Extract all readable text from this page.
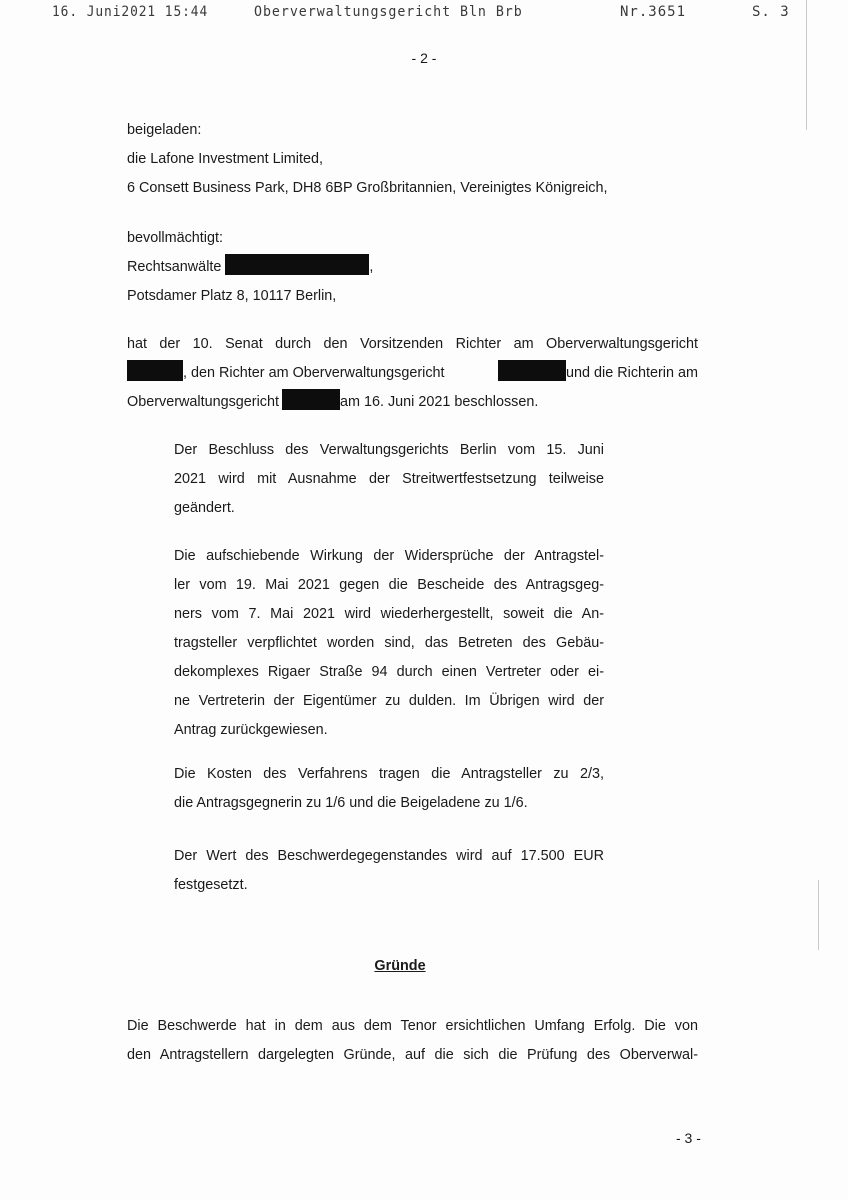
16. Juni2021 15:44	Oberverwaltungsgericht Bln Brb	Nr.3651	S. 3
- 2 -
beigeladen:
die Lafone Investment Limited,
6 Consett Business Park, DH8 6BP Großbritannien, Vereinigtes Königreich,
bevollmächtigt:
Rechtsanwälte	,
Potsdamer Platz 8, 10117 Berlin,
hat der 10. Senat durch den Vorsitzenden Richter am Oberverwaltungsgericht
, den Richter am Oberverwaltungsgericht	und die Richterin am
Oberverwaltungsgericht	am 16. Juni 2021 beschlossen.
Der Beschluss des Verwaltungsgerichts Berlin vom 15. Juni
2021 wird mit Ausnahme der Streitwertfestsetzung teilweise
geändert.
Die aufschiebende Wirkung der Widersprüche der Antragstel-
ler vom 19. Mai 2021 gegen die Bescheide des Antragsgeg-
ners vom 7. Mai 2021 wird wiederhergestellt, soweit die An-
tragsteller verpflichtet worden sind, das Betreten des Gebäu-
dekomplexes Rigaer Straße 94 durch einen Vertreter oder ei-
ne Vertreterin der Eigentümer zu dulden. Im Übrigen wird der
Antrag zurückgewiesen.
Die Kosten des Verfahrens tragen die Antragsteller zu 2/3,
die Antragsgegnerin zu 1/6 und die Beigeladene zu 1/6.
Der Wert des Beschwerdegegenstandes wird auf 17.500 EUR
festgesetzt.
Gründe
Die Beschwerde hat in dem aus dem Tenor ersichtlichen Umfang Erfolg. Die von
den Antragstellern dargelegten Gründe, auf die sich die Prüfung des Oberverwal-
- 3 -
